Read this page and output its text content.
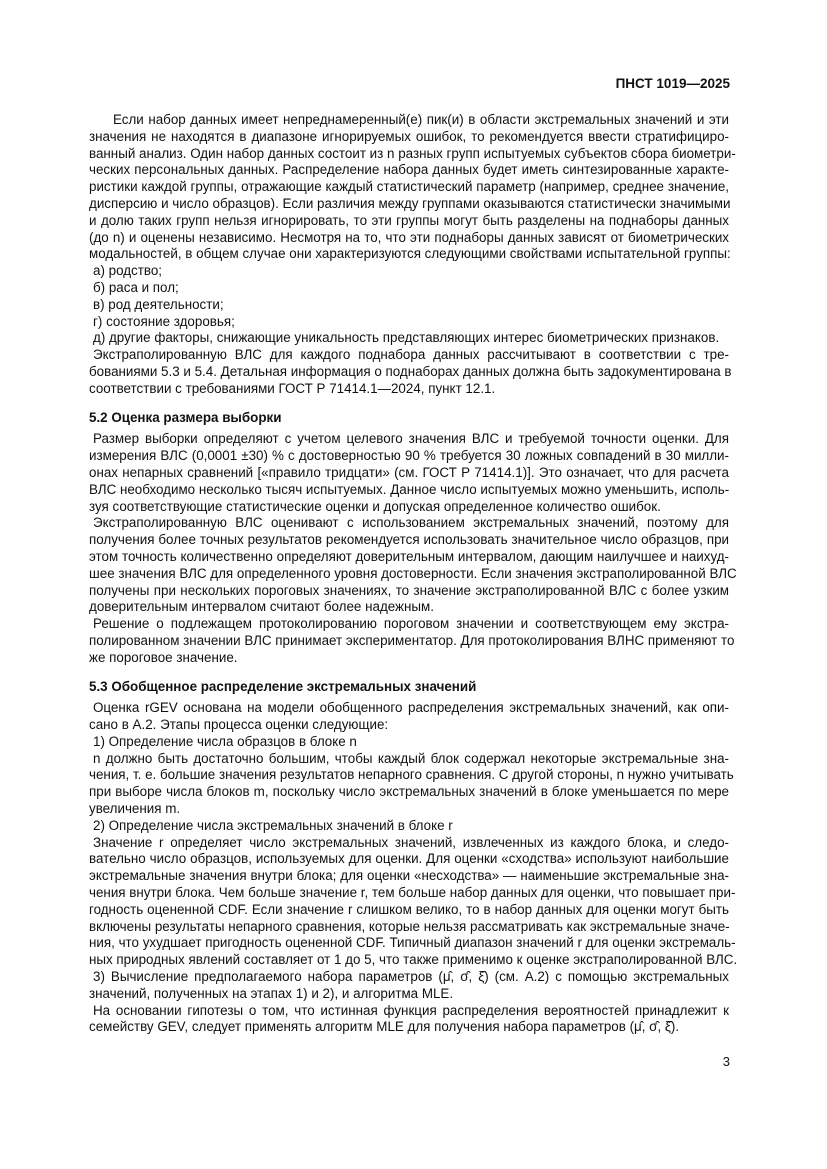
ПНСТ 1019—2025
Если набор данных имеет непреднамеренный(е) пик(и) в области экстремальных значений и эти
значения не находятся в диапазоне игнорируемых ошибок, то рекомендуется ввести стратифициро-
ванный анализ. Один набор данных состоит из n разных групп испытуемых субъектов сбора биометри-
ческих персональных данных. Распределение набора данных будет иметь синтезированные характе-
ристики каждой группы, отражающие каждый статистический параметр (например, среднее значение,
дисперсию и число образцов). Если различия между группами оказываются статистически значимыми
и долю таких групп нельзя игнорировать, то эти группы могут быть разделены на поднаборы данных
(до n) и оценены независимо. Несмотря на то, что эти поднаборы данных зависят от биометрических
модальностей, в общем случае они характеризуются следующими свойствами испытательной группы:
а) родство;
б) раса и пол;
в) род деятельности;
г) состояние здоровья;
д) другие факторы, снижающие уникальность представляющих интерес биометрических признаков.
Экстраполированную ВЛС для каждого поднабора данных рассчитывают в соответствии с тре-
бованиями 5.3 и 5.4. Детальная информация о поднаборах данных должна быть задокументирована в
соответствии с требованиями ГОСТ Р 71414.1—2024, пункт 12.1.
5.2 Оценка размера выборки
Размер выборки определяют с учетом целевого значения ВЛС и требуемой точности оценки. Для
измерения ВЛС (0,0001 ±30) % с достоверностью 90 % требуется 30 ложных совпадений в 30 милли-
онах непарных сравнений [«правило тридцати» (см. ГОСТ Р 71414.1)]. Это означает, что для расчета
ВЛС необходимо несколько тысяч испытуемых. Данное число испытуемых можно уменьшить, исполь-
зуя соответствующие статистические оценки и допуская определенное количество ошибок.
Экстраполированную ВЛС оценивают с использованием экстремальных значений, поэтому для
получения более точных результатов рекомендуется использовать значительное число образцов, при
этом точность количественно определяют доверительным интервалом, дающим наилучшее и наихуд-
шее значения ВЛС для определенного уровня достоверности. Если значения экстраполированной ВЛС
получены при нескольких пороговых значениях, то значение экстраполированной ВЛС с более узким
доверительным интервалом считают более надежным.
Решение о подлежащем протоколированию пороговом значении и соответствующем ему экстра-
полированном значении ВЛС принимает экспериментатор. Для протоколирования ВЛНС применяют то
же пороговое значение.
5.3 Обобщенное распределение экстремальных значений
Оценка rGEV основана на модели обобщенного распределения экстремальных значений, как опи-
сано в А.2. Этапы процесса оценки следующие:
1) Определение числа образцов в блоке n
n должно быть достаточно большим, чтобы каждый блок содержал некоторые экстремальные зна-
чения, т. е. большие значения результатов непарного сравнения. С другой стороны, n нужно учитывать
при выборе числа блоков m, поскольку число экстремальных значений в блоке уменьшается по мере
увеличения m.
2) Определение числа экстремальных значений в блоке r
Значение r определяет число экстремальных значений, извлеченных из каждого блока, и следо-
вательно число образцов, используемых для оценки. Для оценки «сходства» используют наибольшие
экстремальные значения внутри блока; для оценки «несходства» — наименьшие экстремальные зна-
чения внутри блока. Чем больше значение r, тем больше набор данных для оценки, что повышает при-
годность оцененной CDF. Если значение r слишком велико, то в набор данных для оценки могут быть
включены результаты непарного сравнения, которые нельзя рассматривать как экстремальные значе-
ния, что ухудшает пригодность оцененной CDF. Типичный диапазон значений r для оценки экстремаль-
ных природных явлений составляет от 1 до 5, что также применимо к оценке экстраполированной ВЛС.
3) Вычисление предполагаемого набора параметров (μ̂, σ̂, ξ̂) (см. А.2) с помощью экстремальных
значений, полученных на этапах 1) и 2), и алгоритма MLE.
На основании гипотезы о том, что истинная функция распределения вероятностей принадлежит к
семейству GEV, следует применять алгоритм MLE для получения набора параметров (μ̂, σ̂, ξ̂).
3
